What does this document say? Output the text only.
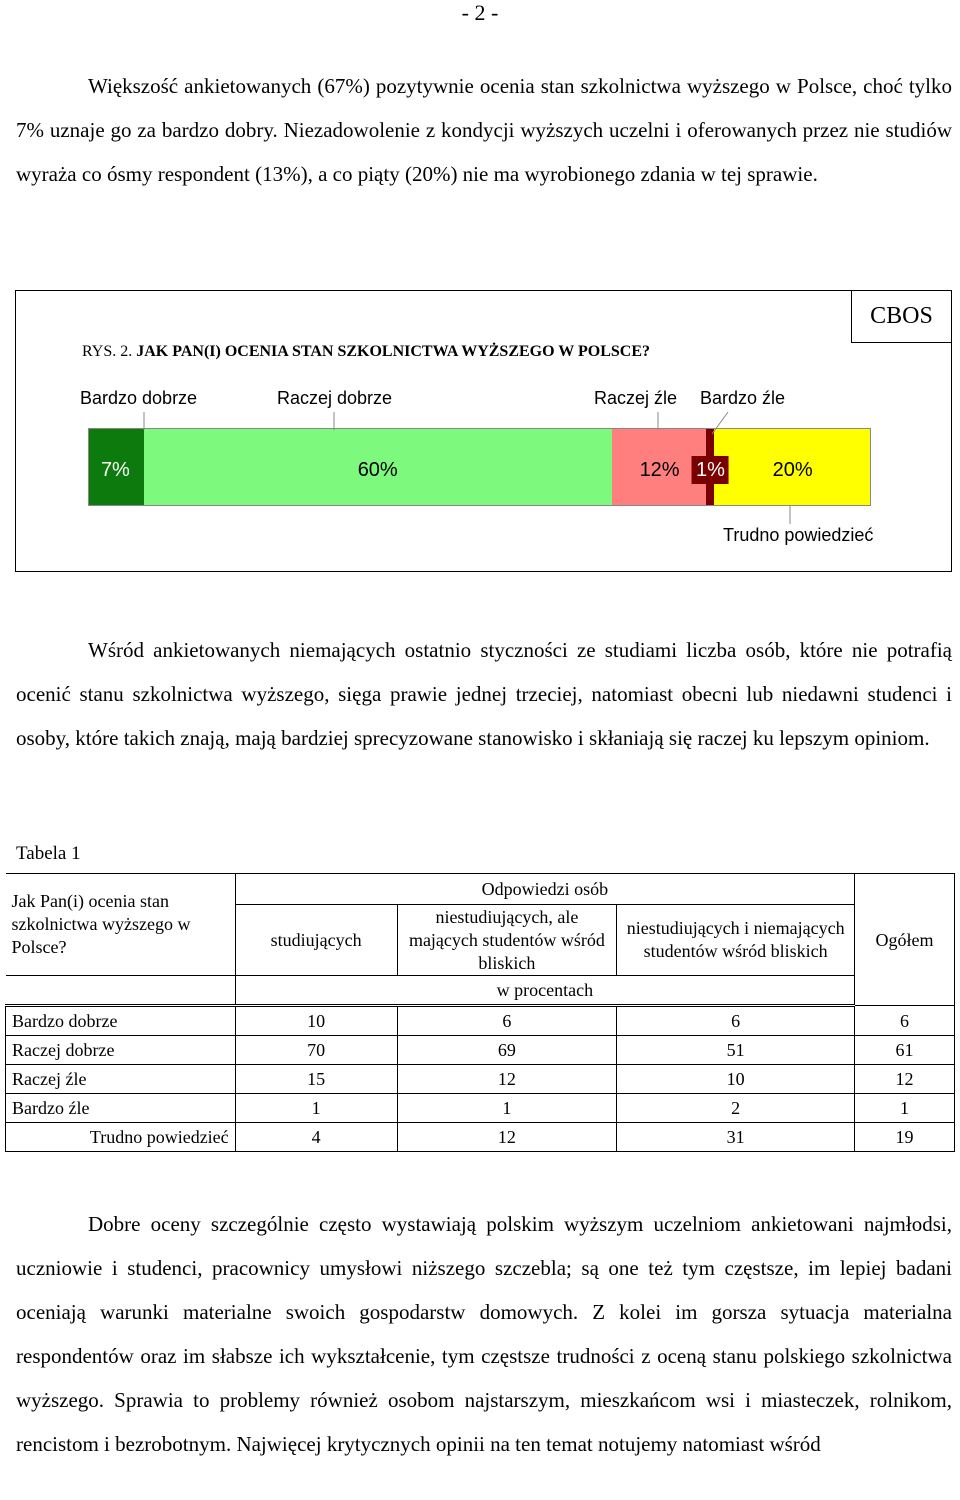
- 2 -

Większość ankietowanych (67%) pozytywnie ocenia stan szkolnictwa wyższego w Polsce, choć tylko 7% uznaje go za bardzo dobry. Niezadowolenie z kondycji wyższych uczelni i oferowanych przez nie studiów wyraża co ósmy respondent (13%), a co piąty (20%) nie ma wyrobionego zdania w tej sprawie.

CBOS
RYS. 2. JAK PAN(I) OCENIA STAN SZKOLNICTWA WYŻSZEGO W POLSCE?
Bardzo dobrze	Raczej dobrze	Raczej źle Bardzo źle
7%	60%	12% 1% 20%
Trudno powiedzieć

Wśród ankietowanych niemających ostatnio styczności ze studiami liczba osób, które nie potrafią ocenić stanu szkolnictwa wyższego, sięga prawie jednej trzeciej, natomiast obecni lub niedawni studenci i osoby, które takich znają, mają bardziej sprecyzowane stanowisko i skłaniają się raczej ku lepszym opiniom.

Tabela 1
Jak Pan(i) ocenia stan szkolnictwa wyższego w Polsce?	Odpowiedzi osób			Ogółem
	studiujących	niestudiujących, ale mających studentów wśród bliskich	niestudiujących i niemających studentów wśród bliskich	
	w procentach			
Bardzo dobrze	10	6	6	6
Raczej dobrze	70	69	51	61
Raczej źle	15	12	10	12
Bardzo źle	1	1	2	1
Trudno powiedzieć	4	12	31	19

Dobre oceny szczególnie często wystawiają polskim wyższym uczelniom ankietowani najmłodsi, uczniowie i studenci, pracownicy umysłowi niższego szczebla; są one też tym częstsze, im lepiej badani oceniają warunki materialne swoich gospodarstw domowych. Z kolei im gorsza sytuacja materialna respondentów oraz im słabsze ich wykształcenie, tym częstsze trudności z oceną stanu polskiego szkolnictwa wyższego. Sprawia to problemy również osobom najstarszym, mieszkańcom wsi i miasteczek, rolnikom, rencistom i bezrobotnym. Najwięcej krytycznych opinii na ten temat notujemy natomiast wśród
